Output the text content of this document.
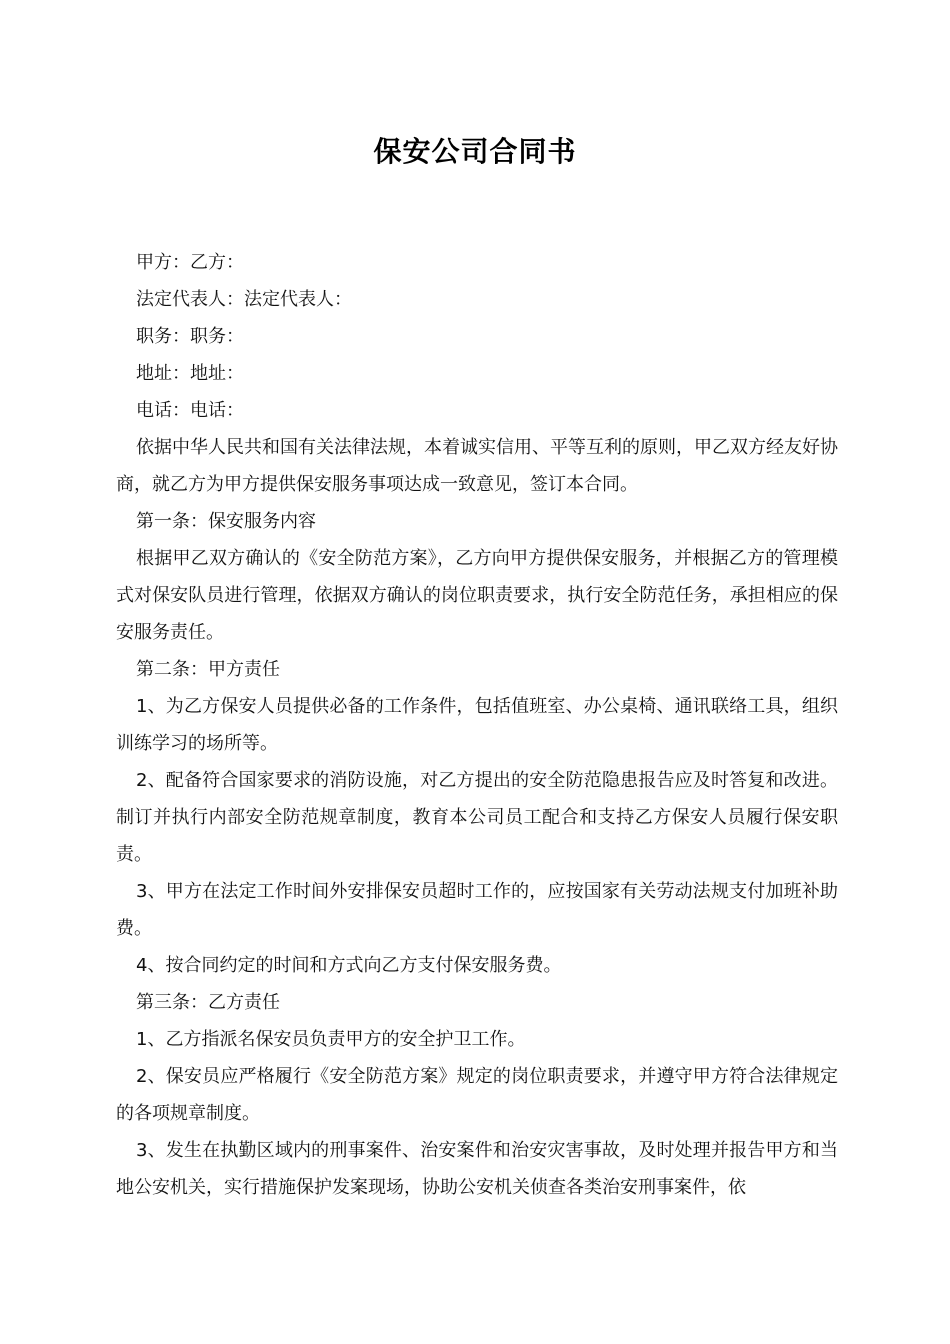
保安公司合同书

甲方：乙方：

法定代表人：法定代表人：

职务：职务：

地址：地址：

电话：电话：

依据中华人民共和国有关法律法规，本着诚实信用、平等互利的原则，甲乙双方经友好协商，就乙方为甲方提供保安服务事项达成一致意见，签订本合同。

第一条：保安服务内容

根据甲乙双方确认的《安全防范方案》，乙方向甲方提供保安服务，并根据乙方的管理模式对保安队员进行管理，依据双方确认的岗位职责要求，执行安全防范任务，承担相应的保安服务责任。

第二条：甲方责任

1、为乙方保安人员提供必备的工作条件，包括值班室、办公桌椅、通讯联络工具，组织训练学习的场所等。

2、配备符合国家要求的消防设施，对乙方提出的安全防范隐患报告应及时答复和改进。制订并执行内部安全防范规章制度，教育本公司员工配合和支持乙方保安人员履行保安职责。

3、甲方在法定工作时间外安排保安员超时工作的，应按国家有关劳动法规支付加班补助费。

4、按合同约定的时间和方式向乙方支付保安服务费。

第三条：乙方责任

1、乙方指派名保安员负责甲方的安全护卫工作。

2、保安员应严格履行《安全防范方案》规定的岗位职责要求，并遵守甲方符合法律规定的各项规章制度。

3、发生在执勤区域内的刑事案件、治安案件和治安灾害事故，及时处理并报告甲方和当地公安机关，实行措施保护发案现场，协助公安机关侦查各类治安刑事案件，依
